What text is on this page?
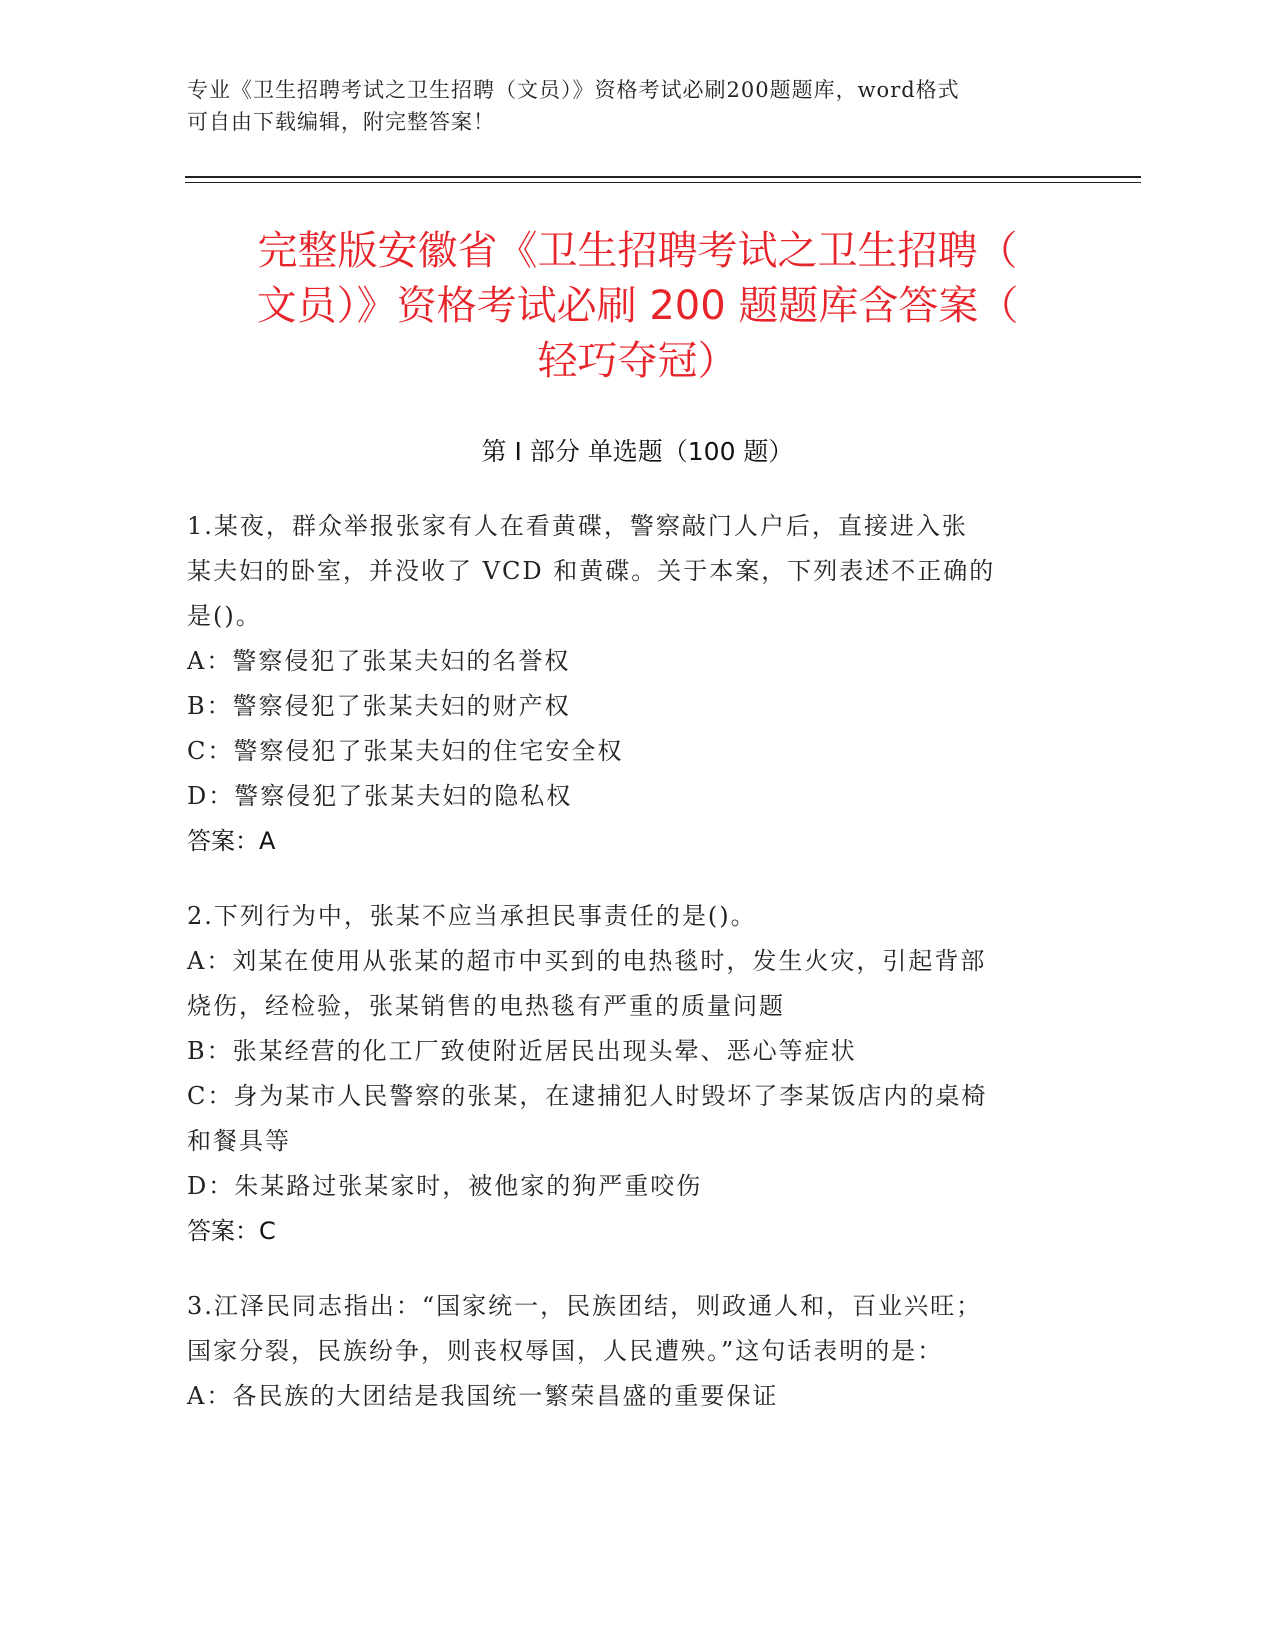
专业《卫生招聘考试之卫生招聘（文员）》资格考试必刷200题题库，word格式
可自由下载编辑，附完整答案！
完整版安徽省《卫生招聘考试之卫生招聘（
文员）》资格考试必刷 200 题题库含答案（
轻巧夺冠）
第 I 部分 单选题（100 题）

1.某夜，群众举报张家有人在看黄碟，警察敲门人户后，直接进入张

某夫妇的卧室，并没收了 VCD 和黄碟。关于本案，下列表述不正确的

是()。

A：警察侵犯了张某夫妇的名誉权

B：警察侵犯了张某夫妇的财产权

C：警察侵犯了张某夫妇的住宅安全权

D：警察侵犯了张某夫妇的隐私权

答案：A

2.下列行为中，张某不应当承担民事责任的是()。

A：刘某在使用从张某的超市中买到的电热毯时，发生火灾，引起背部

烧伤，经检验，张某销售的电热毯有严重的质量问题

B：张某经营的化工厂致使附近居民出现头晕、恶心等症状

C：身为某市人民警察的张某，在逮捕犯人时毁坏了李某饭店内的桌椅

和餐具等

D：朱某路过张某家时，被他家的狗严重咬伤

答案：C

3.江泽民同志指出：“国家统一，民族团结，则政通人和，百业兴旺；

国家分裂，民族纷争，则丧权辱国，人民遭殃。”这句话表明的是：

A：各民族的大团结是我国统一繁荣昌盛的重要保证
